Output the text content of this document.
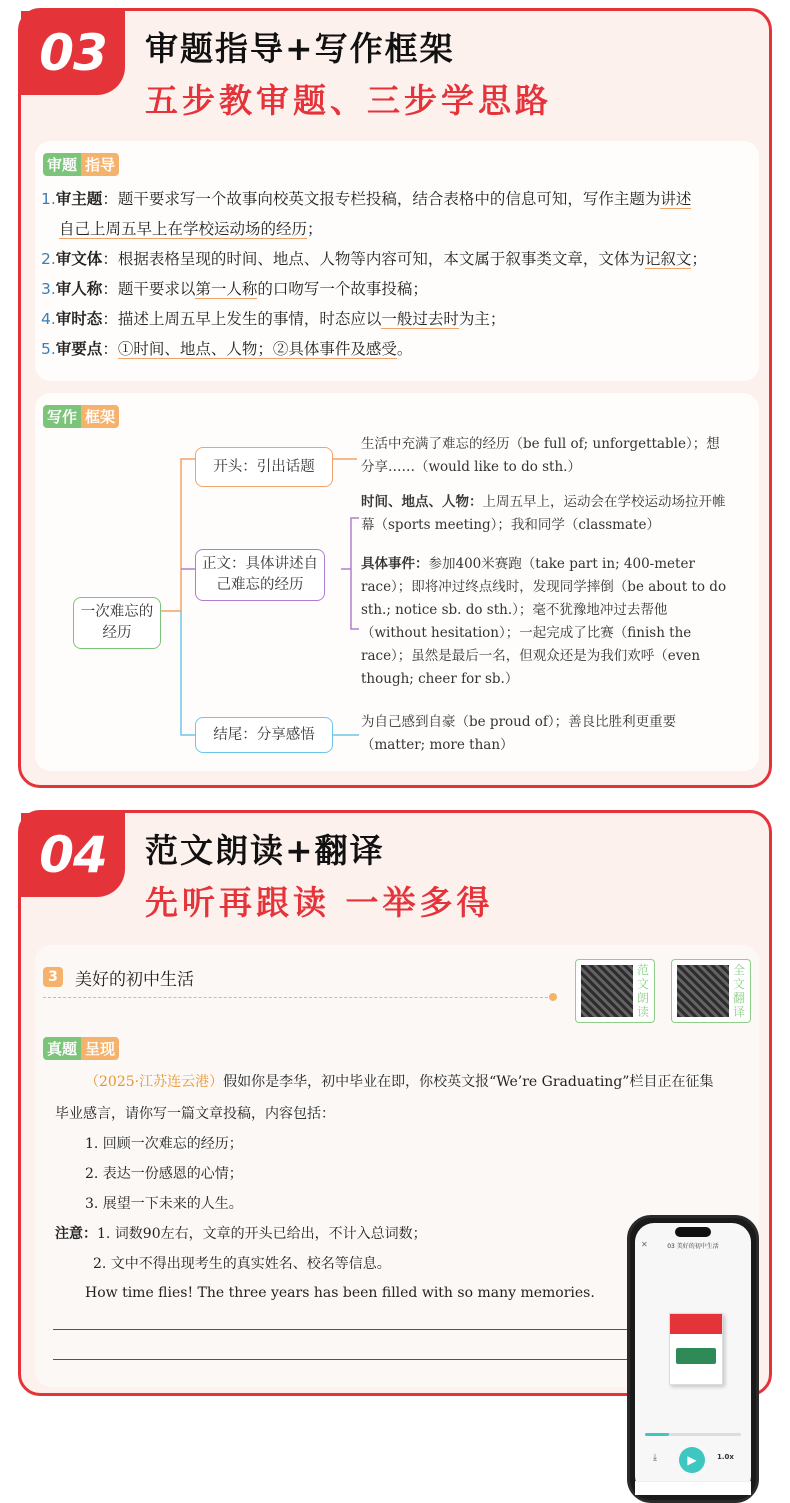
03	审题指导+写作框架
五步教审题、三步学思路
审题 指导
1.审主题：题干要求写一个故事向校英文报专栏投稿，结合表格中的信息可知，写作主题为讲述
自己上周五早上在学校运动场的经历；
2.审文体：根据表格呈现的时间、地点、人物等内容可知，本文属于叙事类文章，文体为记叙文；
3.审人称：题干要求以第一人称的口吻写一个故事投稿；
4.审时态：描述上周五早上发生的事情，时态应以一般过去时为主；
5.审要点：①时间、地点、人物；②具体事件及感受。
写作 框架
一次难忘的经历
开头：引出话题
正文：具体讲述自己难忘的经历
结尾：分享感悟
生活中充满了难忘的经历（be full of; unforgettable）；想分享……（would like to do sth.）
时间、地点、人物：上周五早上，运动会在学校运动场拉开帷幕（sports meeting）；我和同学（classmate）
具体事件：参加400米赛跑（take part in; 400-meter race）；即将冲过终点线时，发现同学摔倒（be about to do sth.; notice sb. do sth.）；毫不犹豫地冲过去帮他（without hesitation）；一起完成了比赛（finish the race）；虽然是最后一名，但观众还是为我们欢呼（even though; cheer for sb.）
为自己感到自豪（be proud of）；善良比胜利更重要（matter; more than）
04	范文朗读+翻译
先听再跟读 一举多得
3	美好的初中生活	范文朗读
全文翻译
真题 呈现
（2025·江苏连云港）假如你是李华，初中毕业在即，你校英文报“We’re Graduating”栏目正在征集
毕业感言，请你写一篇文章投稿，内容包括：
1. 回顾一次难忘的经历；
2. 表达一份感恩的心情；
3. 展望一下未来的人生。
注意：1. 词数90左右，文章的开头已给出，不计入总词数；
2. 文中不得出现考生的真实姓名、校名等信息。
How time flies! The three years has been filled with so many memories.
03 美好的初中生活
✕
▶	1.0x
⤓
